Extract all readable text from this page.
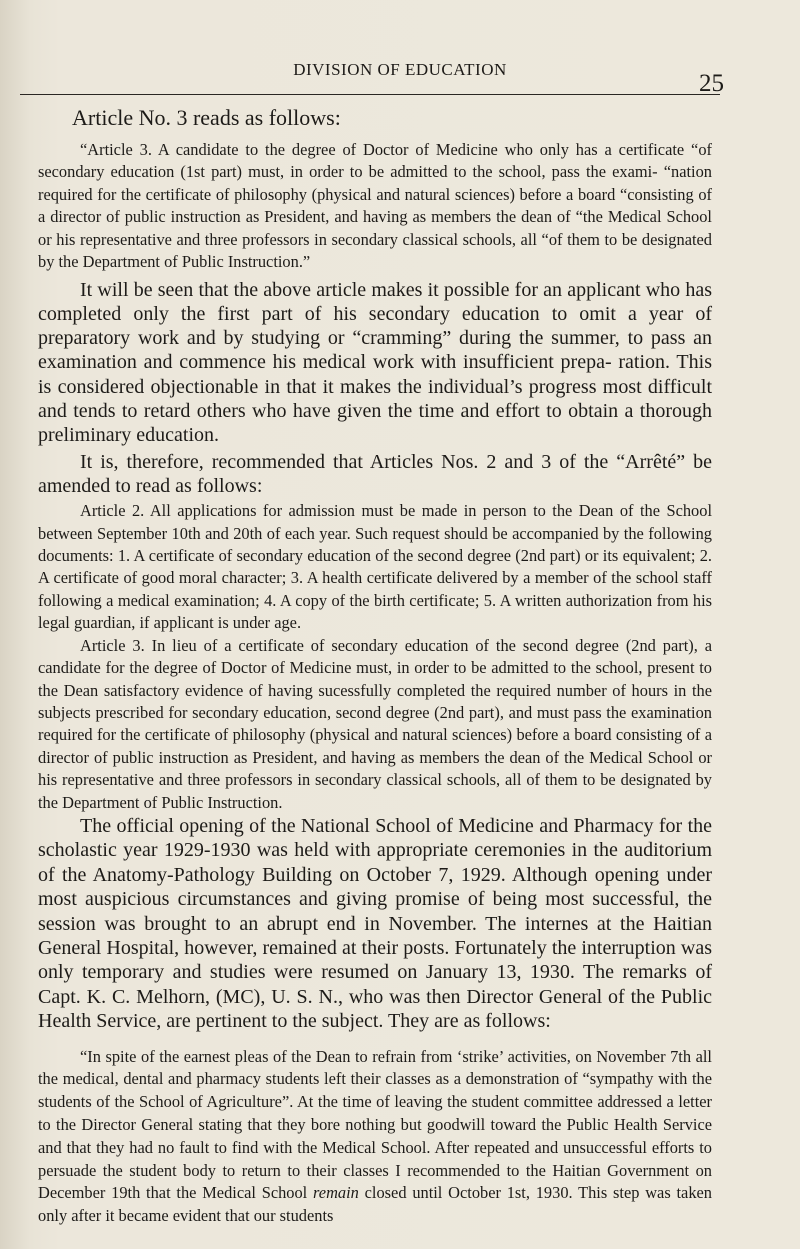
DIVISION OF EDUCATION
25
Article No. 3 reads as follows:

“Article 3. A candidate to the degree of Doctor of Medicine who only has a certificate “of secondary education (1st part) must, in order to be admitted to the school, pass the exami- “nation required for the certificate of philosophy (physical and natural sciences) before a board “consisting of a director of public instruction as President, and having as members the dean of “the Medical School or his representative and three professors in secondary classical schools, all “of them to be designated by the Department of Public Instruction.”

It will be seen that the above article makes it possible for an applicant who has completed only the first part of his secondary education to omit a year of preparatory work and by studying or “cramming” during the summer, to pass an examination and commence his medical work with insufficient prepa- ration. This is considered objectionable in that it makes the individual’s progress most difficult and tends to retard others who have given the time and effort to obtain a thorough preliminary education.

It is, therefore, recommended that Articles Nos. 2 and 3 of the “Arrêté” be amended to read as follows:

Article 2. All applications for admission must be made in person to the Dean of the School between September 10th and 20th of each year. Such request should be accompanied by the following documents: 1. A certificate of secondary education of the second degree (2nd part) or its equivalent; 2. A certificate of good moral character; 3. A health certificate delivered by a member of the school staff following a medical examination; 4. A copy of the birth certificate; 5. A written authorization from his legal guardian, if applicant is under age.

Article 3. In lieu of a certificate of secondary education of the second degree (2nd part), a candidate for the degree of Doctor of Medicine must, in order to be admitted to the school, present to the Dean satisfactory evidence of having sucessfully completed the required number of hours in the subjects prescribed for secondary education, second degree (2nd part), and must pass the examination required for the certificate of philosophy (physical and natural sciences) before a board consisting of a director of public instruction as President, and having as members the dean of the Medical School or his representative and three professors in secondary classical schools, all of them to be designated by the Department of Public Instruction.

The official opening of the National School of Medicine and Pharmacy for the scholastic year 1929-1930 was held with appropriate ceremonies in the auditorium of the Anatomy-Pathology Building on October 7, 1929. Although opening under most auspicious circumstances and giving promise of being most successful, the session was brought to an abrupt end in November. The internes at the Haitian General Hospital, however, remained at their posts. Fortunately the interruption was only temporary and studies were resumed on January 13, 1930. The remarks of Capt. K. C. Melhorn, (MC), U. S. N., who was then Director General of the Public Health Service, are pertinent to the subject. They are as follows:

“In spite of the earnest pleas of the Dean to refrain from ‘strike’ activities, on November 7th all the medical, dental and pharmacy students left their classes as a demonstration of “sympathy with the students of the School of Agriculture”. At the time of leaving the student committee addressed a letter to the Director General stating that they bore nothing but goodwill toward the Public Health Service and that they had no fault to find with the Medical School. After repeated and unsuccessful efforts to persuade the student body to return to their classes I recommended to the Haitian Government on December 19th that the Medical School remain closed until October 1st, 1930. This step was taken only after it became evident that our students
